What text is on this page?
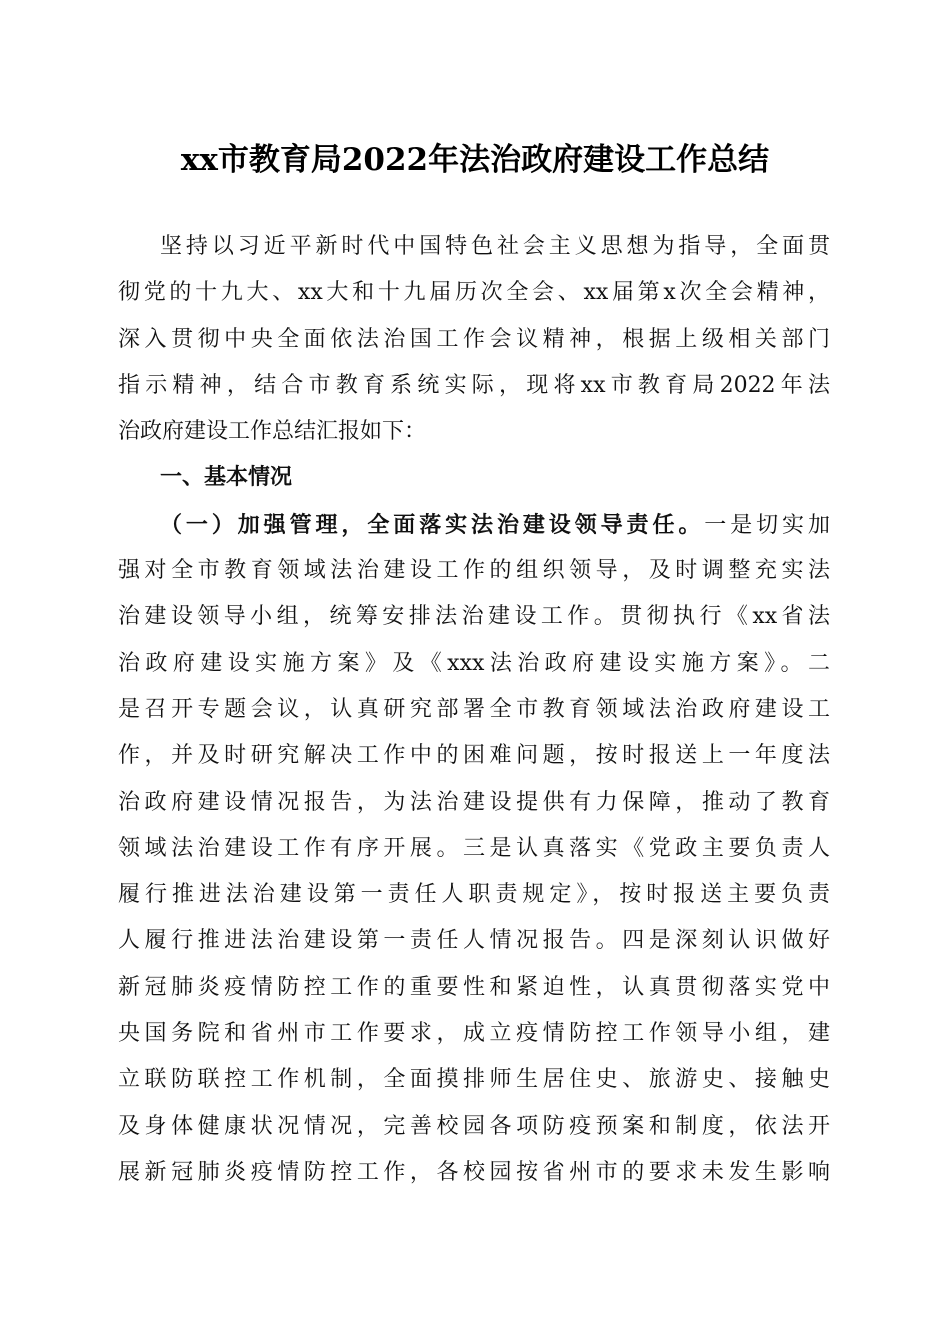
xx市教育局2022年法治政府建设工作总结
坚持以习近平新时代中国特色社会主义思想为指导，全面贯
彻党的十九大、xx大和十九届历次全会、xx届第x次全会精神，
深入贯彻中央全面依法治国工作会议精神，根据上级相关部门
指示精神，结合市教育系统实际，现将xx市教育局2022年法
治政府建设工作总结汇报如下：
一、基本情况
（一）加强管理，全面落实法治建设领导责任。一是切实加
强对全市教育领域法治建设工作的组织领导，及时调整充实法
治建设领导小组，统筹安排法治建设工作。贯彻执行《xx省法
治政府建设实施方案》及《xxx法治政府建设实施方案》。二
是召开专题会议，认真研究部署全市教育领域法治政府建设工
作，并及时研究解决工作中的困难问题，按时报送上一年度法
治政府建设情况报告，为法治建设提供有力保障，推动了教育
领域法治建设工作有序开展。三是认真落实《党政主要负责人
履行推进法治建设第一责任人职责规定》，按时报送主要负责
人履行推进法治建设第一责任人情况报告。四是深刻认识做好
新冠肺炎疫情防控工作的重要性和紧迫性，认真贯彻落实党中
央国务院和省州市工作要求，成立疫情防控工作领导小组，建
立联防联控工作机制，全面摸排师生居住史、旅游史、接触史
及身体健康状况情况，完善校园各项防疫预案和制度，依法开
展新冠肺炎疫情防控工作，各校园按省州市的要求未发生影响
